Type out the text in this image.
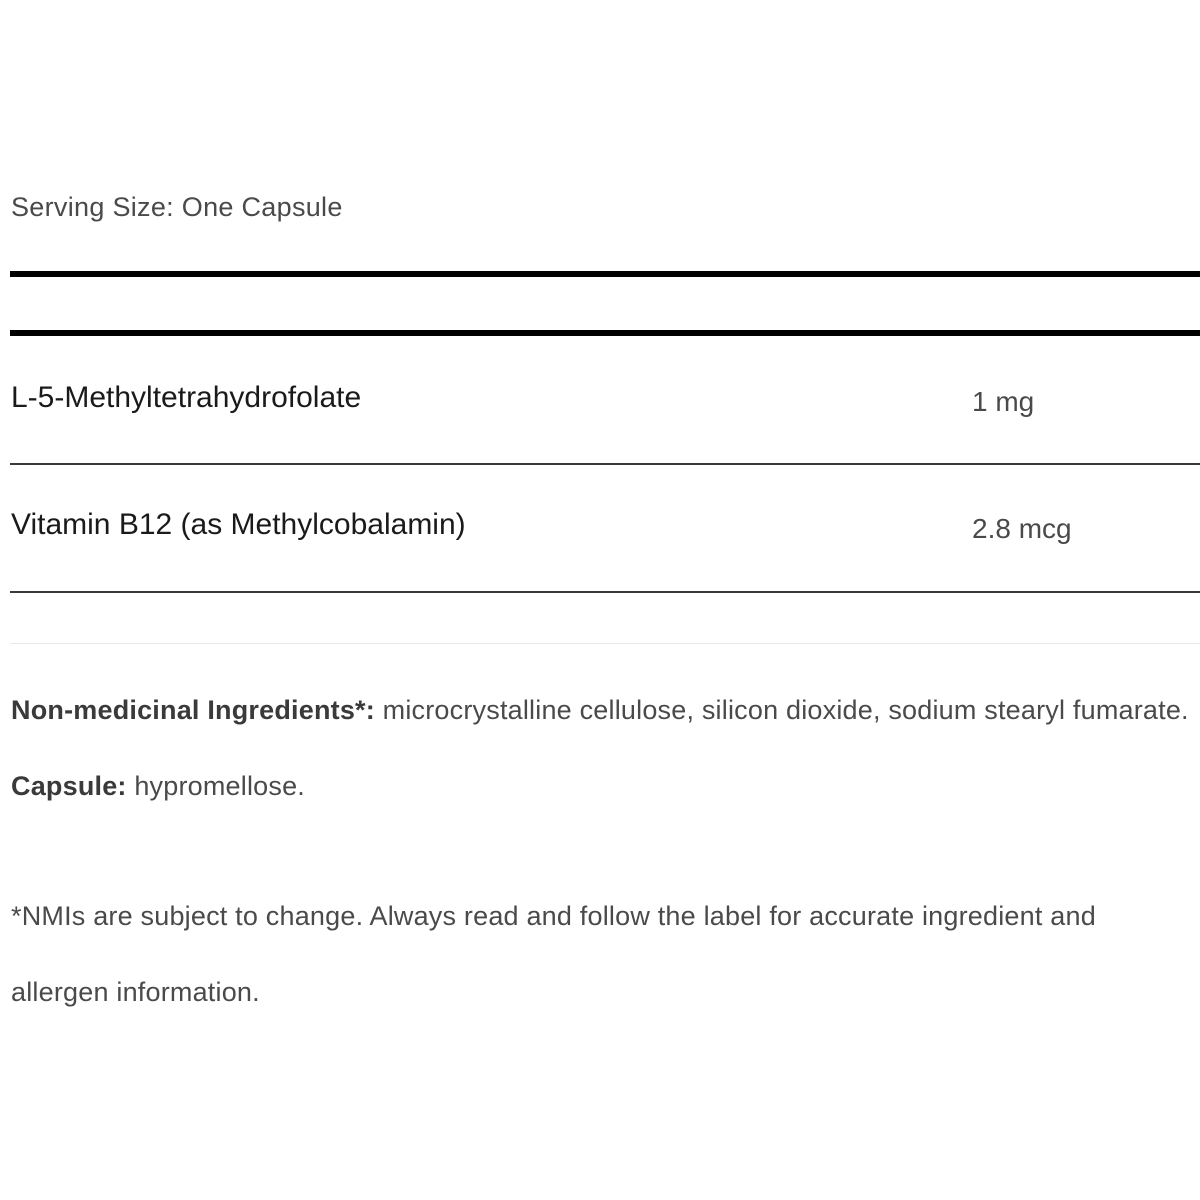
Serving Size: One Capsule
L-5-Methyltetrahydrofolate	1 mg
Vitamin B12 (as Methylcobalamin)	2.8 mcg
Non-medicinal Ingredients*: microcrystalline cellulose, silicon dioxide, sodium stearyl fumarate. Capsule: hypromellose.
*NMIs are subject to change. Always read and follow the label for accurate ingredient and allergen information.
